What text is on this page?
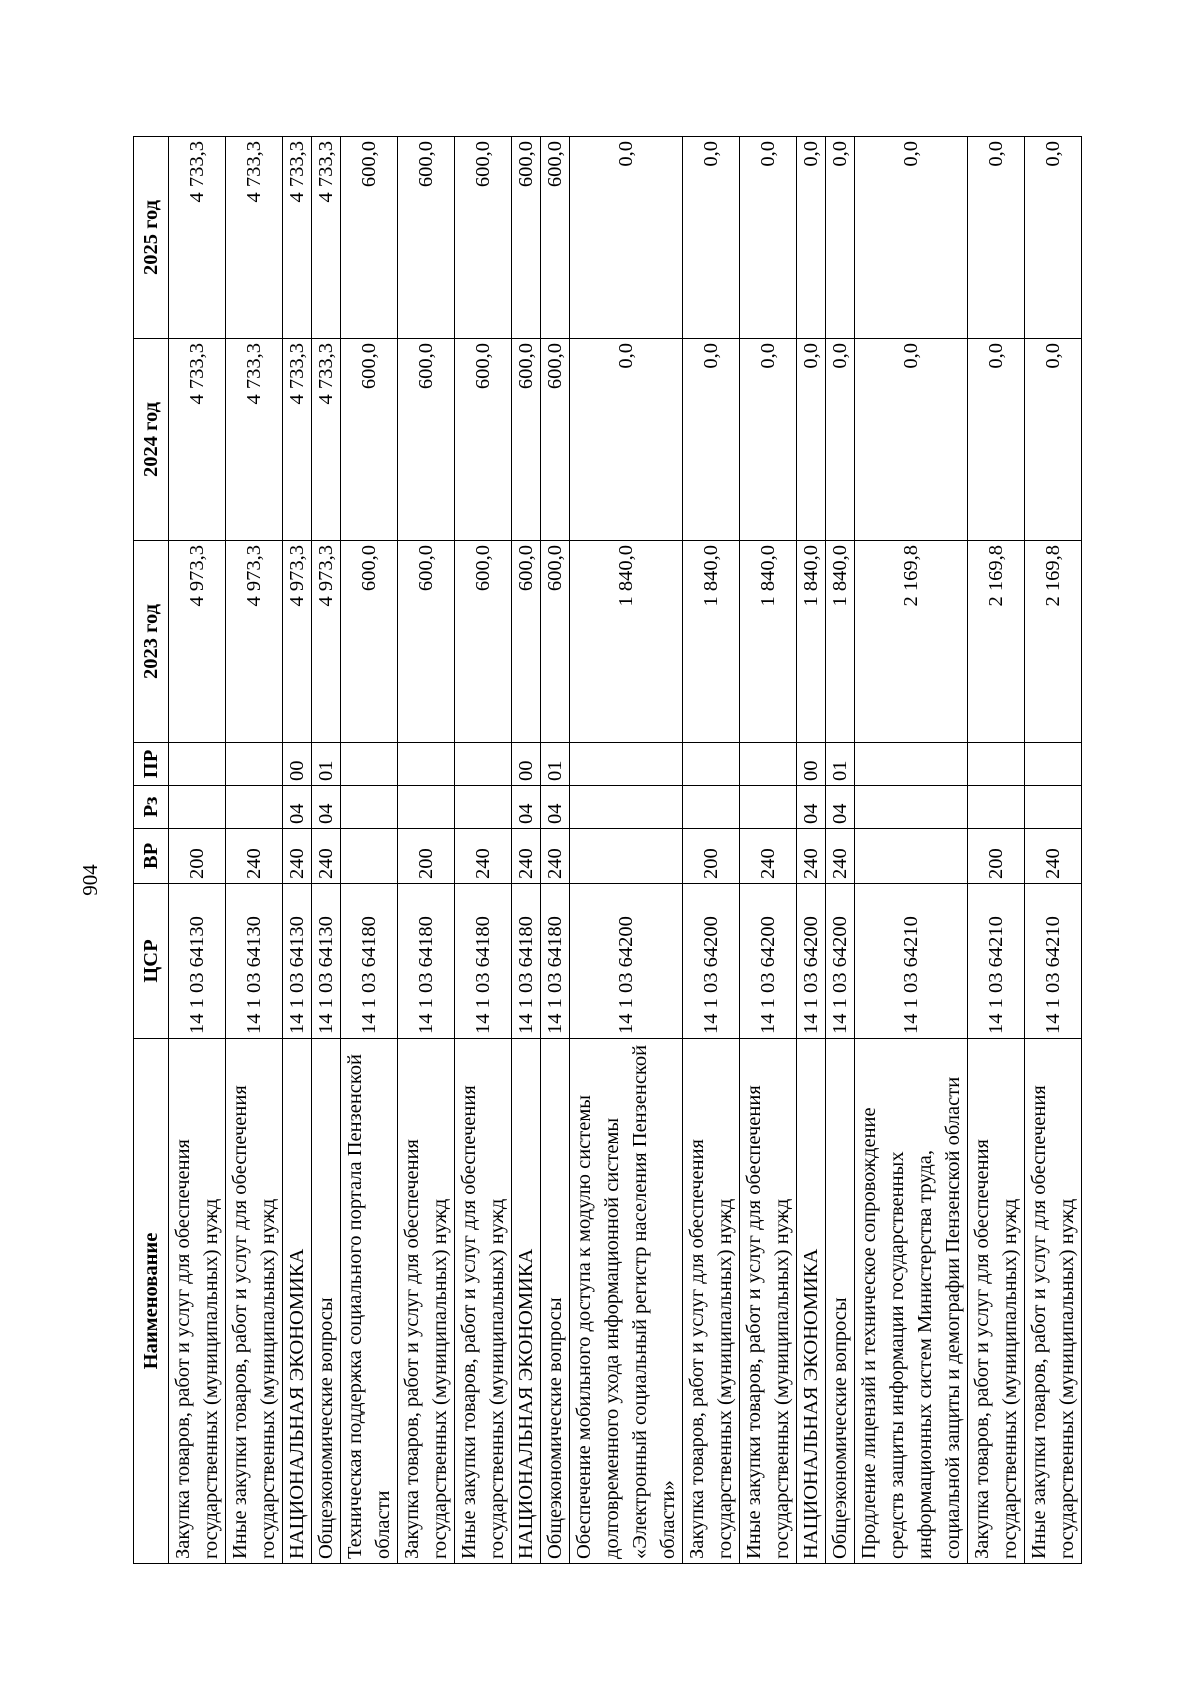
904
Наименование	ЦСР	ВР	Рз	ПР	2023 год	2024 год	2025 год
Закупка товаров, работ и услуг для обеспечения государственных (муниципальных) нужд	14 1 03 64130	200			4 973,3	4 733,3	4 733,3
Иные закупки товаров, работ и услуг для обеспечения государственных (муниципальных) нужд	14 1 03 64130	240			4 973,3	4 733,3	4 733,3
НАЦИОНАЛЬНАЯ ЭКОНОМИКА	14 1 03 64130	240	04	00	4 973,3	4 733,3	4 733,3
Общеэкономические вопросы	14 1 03 64130	240	04	01	4 973,3	4 733,3	4 733,3
Техническая поддержка социального портала Пензенской области	14 1 03 64180				600,0	600,0	600,0
Закупка товаров, работ и услуг для обеспечения государственных (муниципальных) нужд	14 1 03 64180	200			600,0	600,0	600,0
Иные закупки товаров, работ и услуг для обеспечения государственных (муниципальных) нужд	14 1 03 64180	240			600,0	600,0	600,0
НАЦИОНАЛЬНАЯ ЭКОНОМИКА	14 1 03 64180	240	04	00	600,0	600,0	600,0
Общеэкономические вопросы	14 1 03 64180	240	04	01	600,0	600,0	600,0
Обеспечение мобильного доступа к модулю системы долговременного ухода информационной системы «Электронный социальный регистр населения Пензенской области»	14 1 03 64200				1 840,0	0,0	0,0
Закупка товаров, работ и услуг для обеспечения государственных (муниципальных) нужд	14 1 03 64200	200			1 840,0	0,0	0,0
Иные закупки товаров, работ и услуг для обеспечения государственных (муниципальных) нужд	14 1 03 64200	240			1 840,0	0,0	0,0
НАЦИОНАЛЬНАЯ ЭКОНОМИКА	14 1 03 64200	240	04	00	1 840,0	0,0	0,0
Общеэкономические вопросы	14 1 03 64200	240	04	01	1 840,0	0,0	0,0
Продление лицензий и техническое сопровождение средств защиты информации государственных информационных систем Министерства труда, социальной защиты и демографии Пензенской области	14 1 03 64210				2 169,8	0,0	0,0
Закупка товаров, работ и услуг для обеспечения государственных (муниципальных) нужд	14 1 03 64210	200			2 169,8	0,0	0,0
Иные закупки товаров, работ и услуг для обеспечения государственных (муниципальных) нужд	14 1 03 64210	240			2 169,8	0,0	0,0
